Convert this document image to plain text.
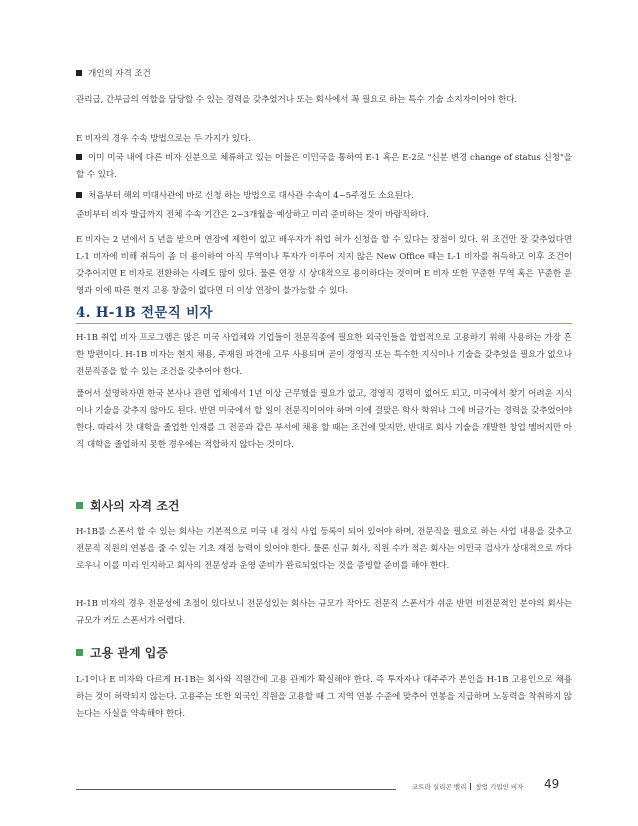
개인의 자격 조건

관리급, 간부급의 역할을 담당할 수 있는 경력을 갖추었거나 또는 회사에서 꼭 필요로 하는 특수 기술 소지자이어야 한다.

E 비자의 경우 수속 방법으로는 두 가지가 있다.

이미 미국 내에 다른 비자 신분으로 체류하고 있는 이들은 이민국을 통하여 E-1 혹은 E-2로 "신분 변경 change of status 신청"을 할 수 있다.

처음부터 해외 미대사관에 바로 신청 하는 방법으로 대사관 수속이 4~5주정도 소요된다.

준비부터 비자 발급까지 전체 수속 기간은 2~3개월을 예상하고 미리 준비하는 것이 바람직하다.

E 비자는 2 년에서 5 년을 받으며 연장에 제한이 없고 배우자가 취업 허가 신청을 할 수 있다는 장점이 있다. 위 조건만 잘 갖추었다면 L-1 비자에 비해 취득이 좀 더 용이하여 아직 무역이나 투자가 이루어 지지 않은 New Office 때는 L-1 비자를 취득하고 이후 조건이 갖추어지면 E 비자로 전환하는 사례도 많이 있다. 물론 연장 시 상대적으로 용이하다는 것이며 E 비자 또한 꾸준한 무역 혹은 꾸준한 운영과 이에 따른 현지 고용 창출이 없다면 더 이상 연장이 불가능할 수 있다.

4. H-1B 전문직 비자

H-1B 취업 비자 프로그램은 많은 미국 사업체와 기업들이 전문직종에 필요한 외국인들을 합법적으로 고용하기 위해 사용하는 가장 흔한 방편이다. H-1B 비자는 현지 채용, 주재원 파견에 고루 사용되며 곧이 경영직 또는 특수한 지식이나 기술을 갖추었을 필요가 없으나 전문직종을 할 수 있는 조건을 갖추어야 한다.

풀어서 설명하자면 한국 본사나 관련 업체에서 1년 이상 근무했을 필요가 없고, 경영직 경력이 없어도 되고, 미국에서 찾기 어려운 지식이나 기술을 갖추지 않아도 된다. 반면 미국에서 할 일이 전문직이어야 하며 이에 걸맞은 학사 학위나 그에 버금가는 경력을 갖추었어야 한다. 따라서 갓 대학을 졸업한 인재를 그 전공과 같은 부서에 채용 할 때는 조건에 맞지만, 반대로 회사 기술을 개발한 창업 멤버지만 아직 대학을 졸업하지 못한 경우에는 적합하지 않다는 것이다.

회사의 자격 조건

H-1B를 스폰서 할 수 있는 회사는 기본적으로 미국 내 정식 사업 등록이 되어 있어야 하며, 전문직을 필요로 하는 사업 내용을 갖추고 전문직 직원의 연봉을 줄 수 있는 기초 재정 능력이 있어야 한다. 물론 신규 회사, 직원 수가 적은 회사는 이민국 검사가 상대적으로 까다로우니 이를 미리 인지하고 회사의 전문성과 운영 준비가 완료되었다는 것을 증빙할 준비를 해야 한다.

H-1B 비자의 경우 전문성에 초점이 있다보니 전문성있는 회사는 규모가 작아도 전문직 스폰서가 쉬운 반면 비전문적인 분야의 회사는 규모가 커도 스폰서가 어렵다.

고용 관계 입증

L-1이나 E 비자와 다르게 H-1B는 회사와 직원간에 고용 관계가 확실해야 한다. 즉 투자자나 대주주가 본인을 H-1B 고용인으로 채용하는 것이 허락되지 않는다. 고용주는 또한 외국인 직원을 고용할 때 그 지역 연봉 수준에 맞추어 연봉을 지급하며 노동력을 착취하지 않는다는 사실을 약속해야 한다.

코트라 실리콘 밸리 창업 기업인 비자 49
